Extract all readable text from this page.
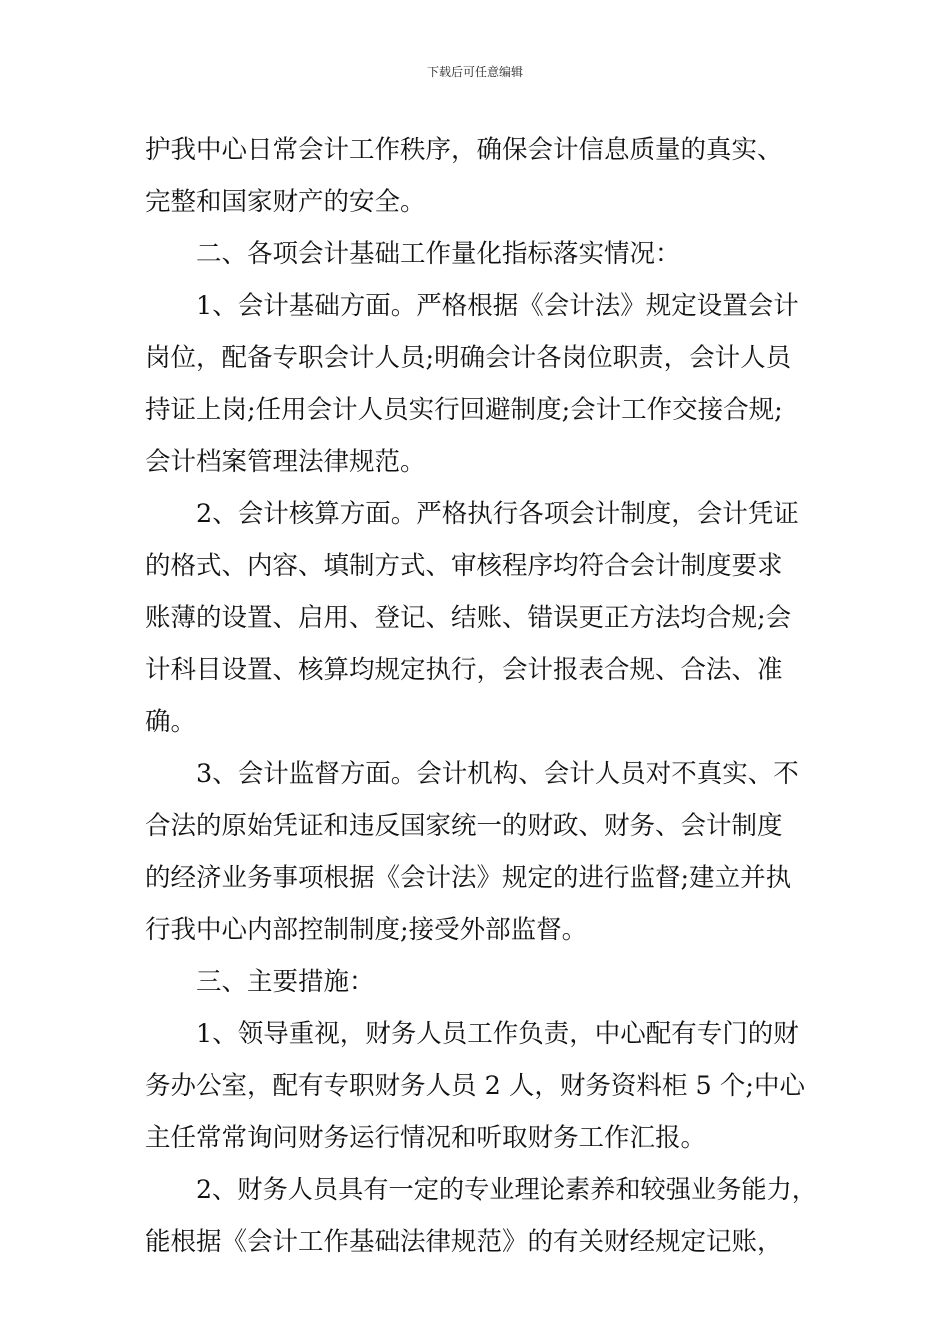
下载后可任意编辑
护我中心日常会计工作秩序，确保会计信息质量的真实、
完整和国家财产的安全。
二、各项会计基础工作量化指标落实情况：
1、会计基础方面。严格根据《会计法》规定设置会计
岗位，配备专职会计人员;明确会计各岗位职责，会计人员
持证上岗;任用会计人员实行回避制度;会计工作交接合规;
会计档案管理法律规范。
2、会计核算方面。严格执行各项会计制度，会计凭证
的格式、内容、填制方式、审核程序均符合会计制度要求
账薄的设置、启用、登记、结账、错误更正方法均合规;会
计科目设置、核算均规定执行，会计报表合规、合法、准
确。
3、会计监督方面。会计机构、会计人员对不真实、不
合法的原始凭证和违反国家统一的财政、财务、会计制度
的经济业务事项根据《会计法》规定的进行监督;建立并执
行我中心内部控制制度;接受外部监督。
三、主要措施：
1、领导重视，财务人员工作负责，中心配有专门的财
务办公室，配有专职财务人员 2 人，财务资料柜 5 个;中心
主任常常询问财务运行情况和听取财务工作汇报。
2、财务人员具有一定的专业理论素养和较强业务能力，
能根据《会计工作基础法律规范》的有关财经规定记账，
